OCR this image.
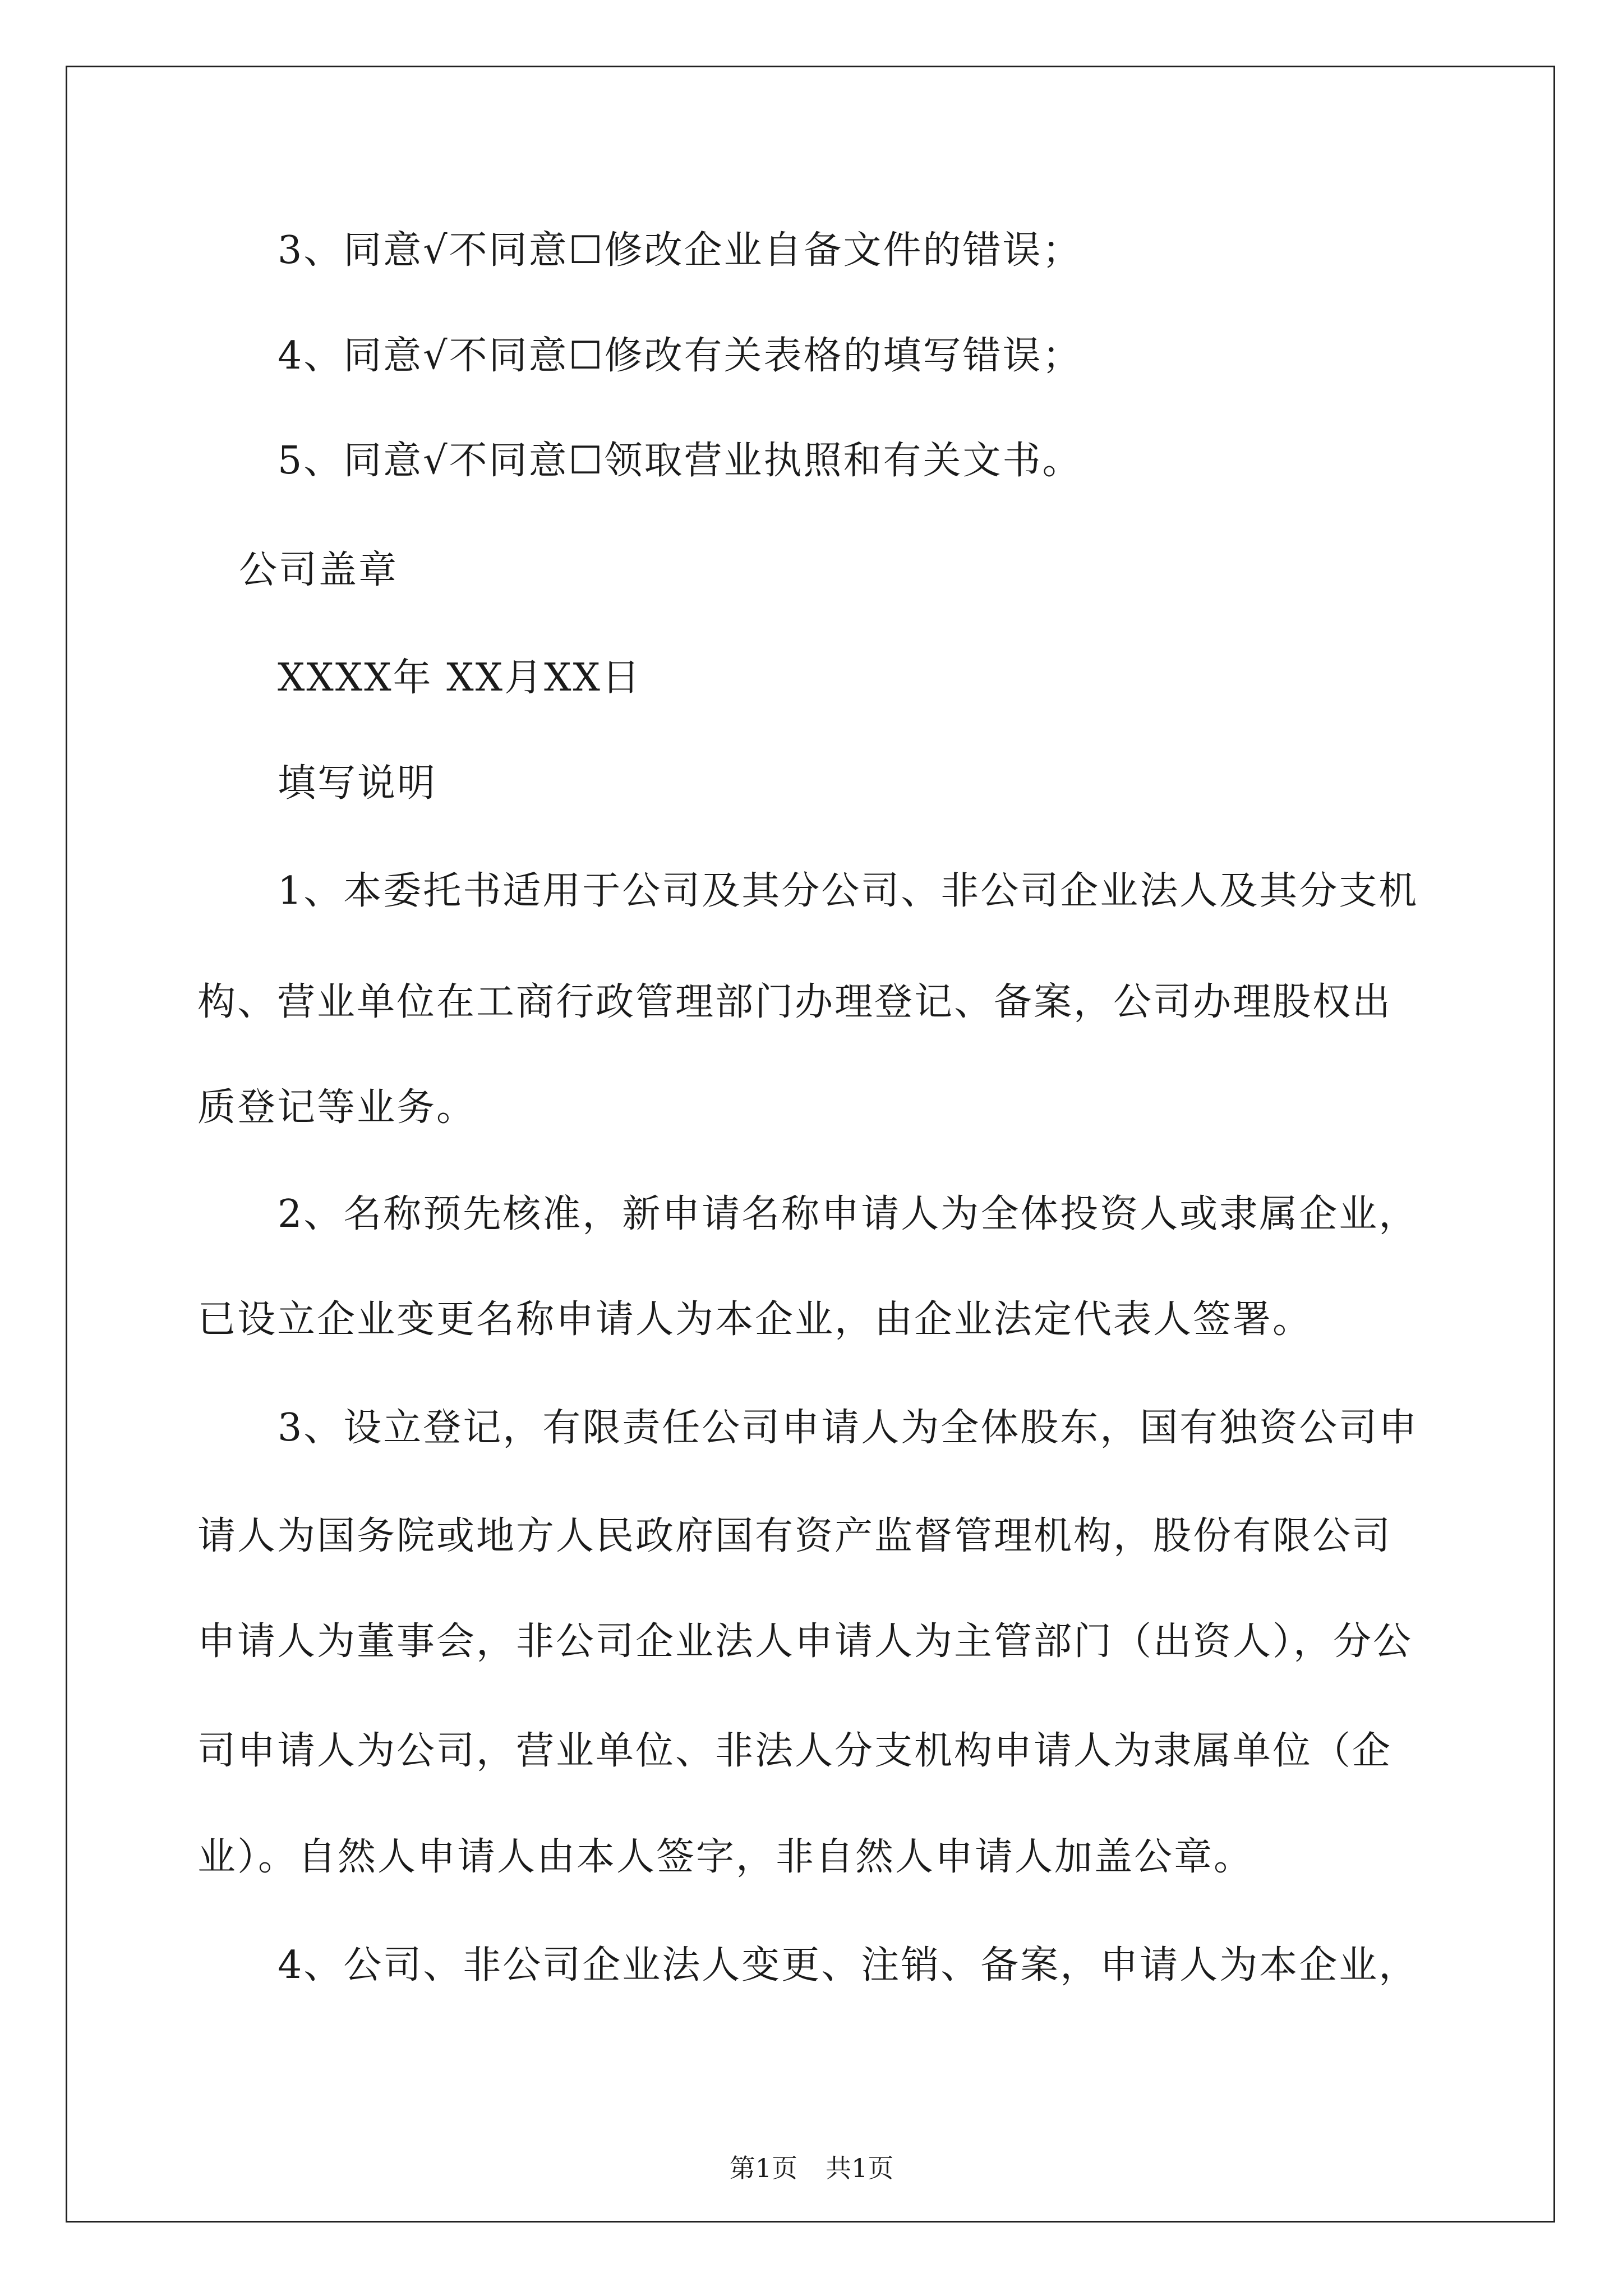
3、同意√不同意☐修改企业自备文件的错误；
4、同意√不同意☐修改有关表格的填写错误；
5、同意√不同意☐领取营业执照和有关文书。
公司盖章
XXXX年 XX月XX日
填写说明
1、本委托书适用于公司及其分公司、非公司企业法人及其分支机
构、营业单位在工商行政管理部门办理登记、备案，公司办理股权出
质登记等业务。
2、名称预先核准，新申请名称申请人为全体投资人或隶属企业，
已设立企业变更名称申请人为本企业，由企业法定代表人签署。
3、设立登记，有限责任公司申请人为全体股东，国有独资公司申
请人为国务院或地方人民政府国有资产监督管理机构，股份有限公司
申请人为董事会，非公司企业法人申请人为主管部门（出资人），分公
司申请人为公司，营业单位、非法人分支机构申请人为隶属单位（企
业）。自然人申请人由本人签字，非自然人申请人加盖公章。
4、公司、非公司企业法人变更、注销、备案，申请人为本企业，
第1页 共1页
